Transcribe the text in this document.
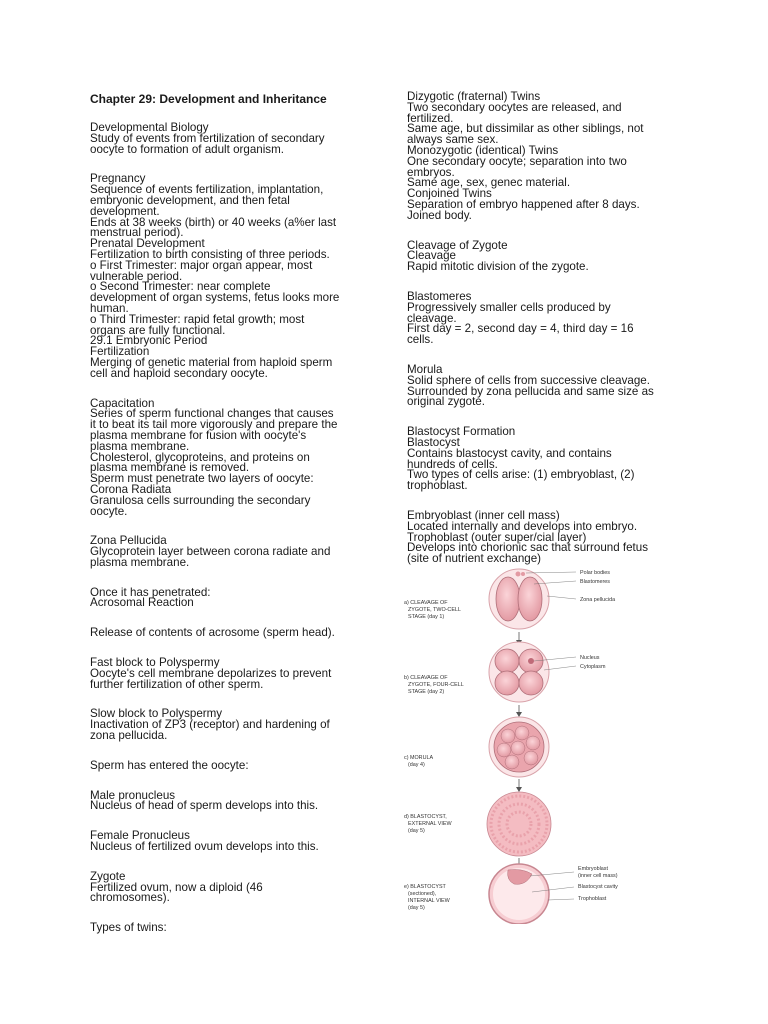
Chapter 29: Development and Inheritance
Developmental Biology
Study of events from fertilization of secondary
oocyte to formation of adult organism.
Pregnancy
Sequence of events fertilization, implantation,
embryonic development, and then fetal
development.
Ends at 38 weeks (birth) or 40 weeks (a%er last
menstrual period).
Prenatal Development
Fertilization to birth consisting of three periods.
o First Trimester: major organ appear, most
vulnerable period.
o Second Trimester: near complete
development of organ systems, fetus looks more
human.
o Third Trimester: rapid fetal growth; most
organs are fully functional.
29.1 Embryonic Period
Fertilization
Merging of genetic material from haploid sperm
cell and haploid secondary oocyte.
Capacitation
Series of sperm functional changes that causes
it to beat its tail more vigorously and prepare the
plasma membrane for fusion with oocyte's
plasma membrane.
Cholesterol, glycoproteins, and proteins on
plasma membrane is removed.
Sperm must penetrate two layers of oocyte:
Corona Radiata
Granulosa cells surrounding the secondary
oocyte.
Zona Pellucida
Glycoprotein layer between corona radiate and
plasma membrane.
Once it has penetrated:
Acrosomal Reaction
Release of contents of acrosome (sperm head).
Fast block to Polyspermy
Oocyte's cell membrane depolarizes to prevent
further fertilization of other sperm.
Slow block to Polyspermy
Inactivation of ZP3 (receptor) and hardening of
zona pellucida.
Sperm has entered the oocyte:
Male pronucleus
Nucleus of head of sperm develops into this.
Female Pronucleus
Nucleus of fertilized ovum develops into this.
Zygote
Fertilized ovum, now a diploid (46
chromosomes).
Types of twins:
Dizygotic (fraternal) Twins
Two secondary oocytes are released, and
fertilized.
Same age, but dissimilar as other siblings, not
always same sex.
Monozygotic (identical) Twins
One secondary oocyte; separation into two
embryos.
Same age, sex, genec material.
Conjoined Twins
Separation of embryo happened after 8 days.
Joined body.
Cleavage of Zygote
Cleavage
Rapid mitotic division of the zygote.
Blastomeres
Progressively smaller cells produced by
cleavage.
First day = 2, second day = 4, third day = 16
cells.
Morula
Solid sphere of cells from successive cleavage.
Surrounded by zona pellucida and same size as
original zygote.
Blastocyst Formation
Blastocyst
Contains blastocyst cavity, and contains
hundreds of cells.
Two types of cells arise: (1) embryoblast, (2)
trophoblast.
Embryoblast (inner cell mass)
Located internally and develops into embryo.
Trophoblast (outer super/cial layer)
Develops into chorionic sac that surround fetus
(site of nutrient exchange)
Polar bodies
Blastomeres
Zona pellucida
a) CLEAVAGE OF
ZYGOTE, TWO-CELL
STAGE (day 1)
Nucleus
Cytoplasm
b) CLEAVAGE OF
ZYGOTE, FOUR-CELL
STAGE (day 2)
c) MORULA
(day 4)
d) BLASTOCYST,
EXTERNAL VIEW
(day 5)
Embryoblast
(inner cell mass)
Blastocyst cavity
Trophoblast
e) BLASTOCYST
(sectioned),
INTERNAL VIEW
(day 5)
